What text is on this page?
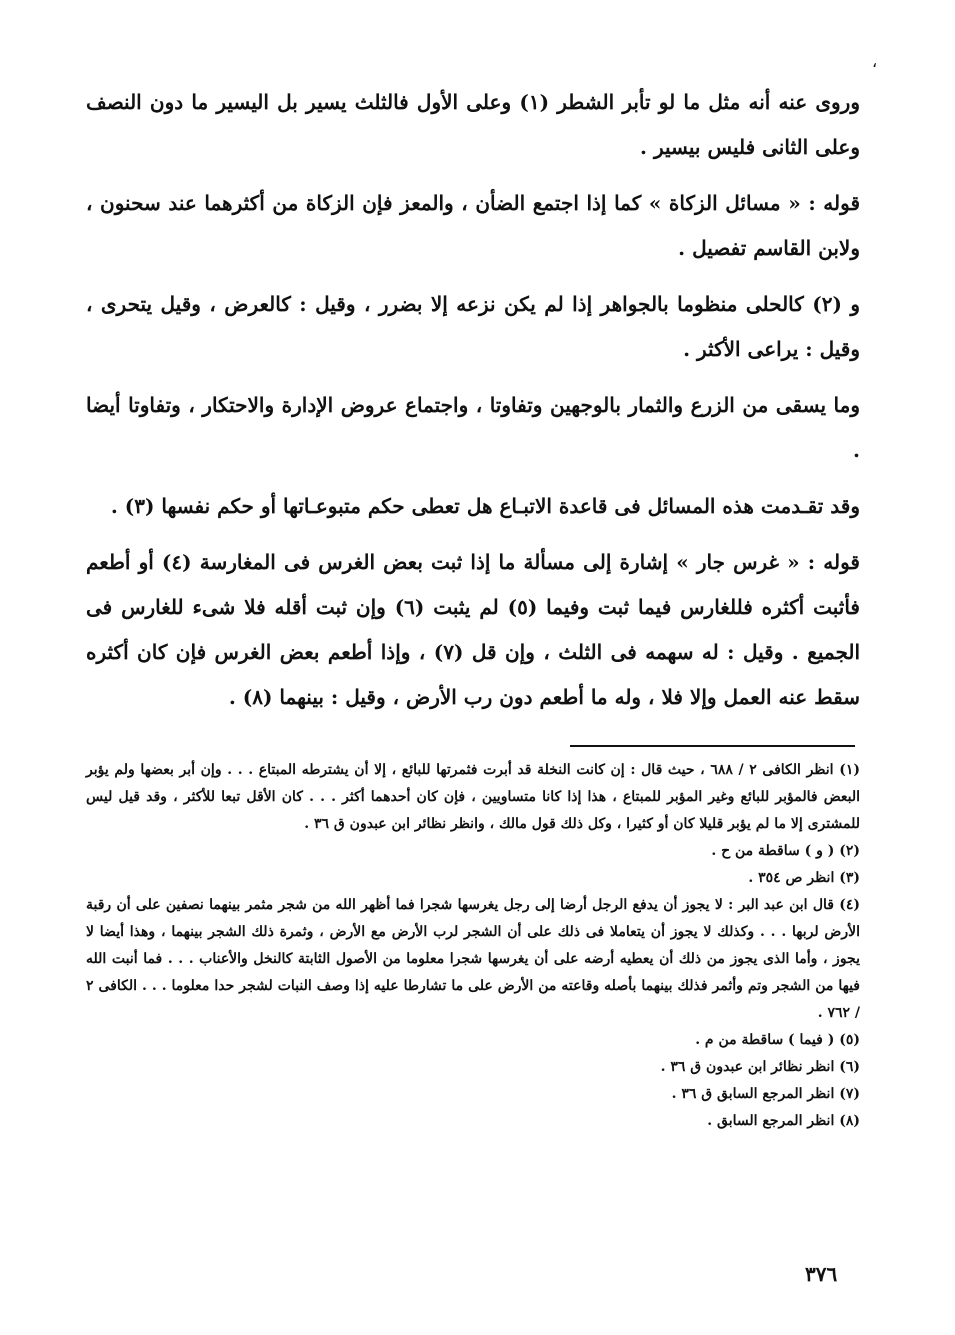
،

وروى عنه أنه مثل ما لو تأبر الشطر (١) وعلى الأول فالثلث يسير بل اليسير ما دون النصف وعلى الثانى فليس بيسير .

قوله : « مسائل الزكاة » كما إذا اجتمع الضأن ، والمعز فإن الزكاة من أكثرهما عند سحنون ، ولابن القاسم تفصيل .

و (٢) كالحلى منظوما بالجواهر إذا لم يكن نزعه إلا بضرر ، وقيل : كالعرض ، وقيل يتحرى ، وقيل : يراعى الأكثر .

وما يسقى من الزرع والثمار بالوجهين وتفاوتا ، واجتماع عروض الإدارة والاحتكار ، وتفاوتا أيضا .

وقد تقـدمت هذه المسائل فى قاعدة الاتبـاع هل تعطى حكم متبوعـاتها أو حكم نفسها (٣) .

قوله : « غرس جار » إشارة إلى مسألة ما إذا ثبت بعض الغرس فى المغارسة (٤) أو أطعم فأثبت أكثره فللغارس فيما ثبت وفيما (٥) لم يثبت (٦) وإن ثبت أقله فلا شىء للغارس فى الجميع . وقيل : له سهمه فى الثلث ، وإن قل (٧) ، وإذا أطعم بعض الغرس فإن كان أكثره سقط عنه العمل وإلا فلا ، وله ما أطعم دون رب الأرض ، وقيل : بينهما (٨) .

(١) انظر الكافى ٢ / ٦٨٨ ، حيث قال : إن كانت النخلة قد أبرت فثمرتها للبائع ، إلا أن يشترطه المبتاع . . . وإن أبر بعضها ولم يؤبر البعض فالمؤبر للبائع وغير المؤبر للمبتاع ، هذا إذا كانا متساويين ، فإن كان أحدهما أكثر . . . كان الأقل تبعا للأكثر ، وقد قيل ليس للمشترى إلا ما لم يؤبر قليلا كان أو كثيرا ، وكل ذلك قول مالك ، وانظر نظائر ابن عبدون ق ٣٦ .

(٢) ( و ) ساقطة من ح .

(٣) انظر ص ٣٥٤ .

(٤) قال ابن عبد البر : لا يجوز أن يدفع الرجل أرضا إلى رجل يغرسها شجرا فما أظهر الله من شجر مثمر بينهما نصفين على أن رقبة الأرض لربها . . . وكذلك لا يجوز أن يتعاملا فى ذلك على أن الشجر لرب الأرض مع الأرض ، وثمرة ذلك الشجر بينهما ، وهذا أيضا لا يجوز ، وأما الذى يجوز من ذلك أن يعطيه أرضه على أن يغرسها شجرا معلوما من الأصول الثابتة كالنخل والأعناب . . . فما أنبت الله فيها من الشجر وتم وأثمر فذلك بينهما بأصله وقاعته من الأرض على ما تشارطا عليه إذا وصف النبات لشجر حدا معلوما . . . الكافى ٢ / ٧٦٢ .

(٥) ( فيما ) ساقطة من م .

(٦) انظر نظائر ابن عبدون ق ٣٦ .

(٧) انظر المرجع السابق ق ٣٦ .

(٨) انظر المرجع السابق .

٣٧٦
